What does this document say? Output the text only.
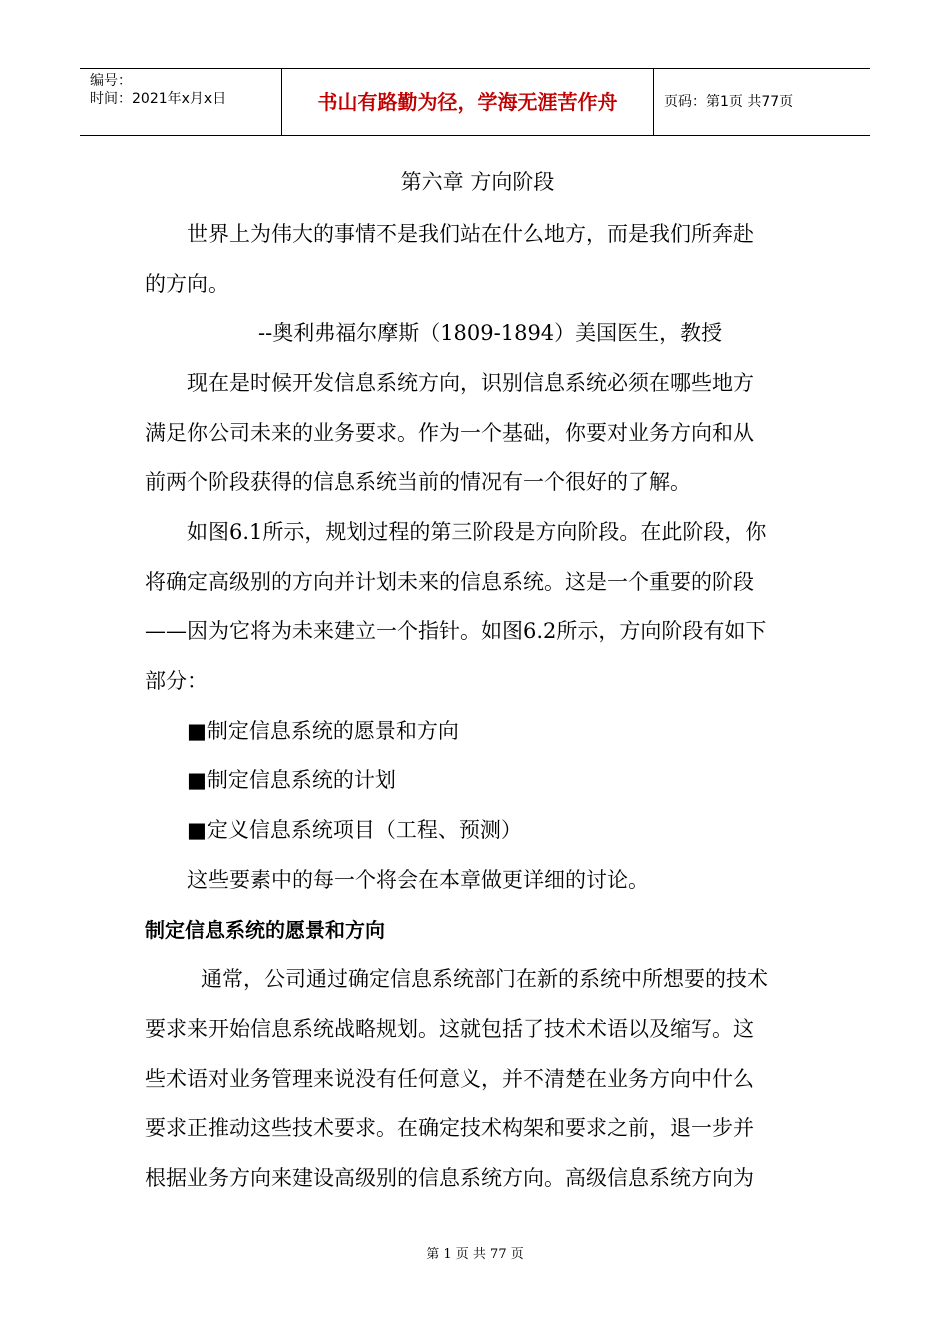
编号：
时间：2021年x月x日	书山有路勤为径，学海无涯苦作舟	页码：第1页 共77页
第六章 方向阶段
世界上为伟大的事情不是我们站在什么地方，而是我们所奔赴
的方向。
--奥利弗福尔摩斯（1809-1894）美国医生，教授
现在是时候开发信息系统方向，识别信息系统必须在哪些地方
满足你公司未来的业务要求。作为一个基础，你要对业务方向和从
前两个阶段获得的信息系统当前的情况有一个很好的了解。
如图6.1所示，规划过程的第三阶段是方向阶段。在此阶段，你
将确定高级别的方向并计划未来的信息系统。这是一个重要的阶段
——因为它将为未来建立一个指针。如图6.2所示，方向阶段有如下
部分：
■制定信息系统的愿景和方向
■制定信息系统的计划
■定义信息系统项目（工程、预测）
这些要素中的每一个将会在本章做更详细的讨论。
制定信息系统的愿景和方向
通常，公司通过确定信息系统部门在新的系统中所想要的技术
要求来开始信息系统战略规划。这就包括了技术术语以及缩写。这
些术语对业务管理来说没有任何意义，并不清楚在业务方向中什么
要求正推动这些技术要求。在确定技术构架和要求之前，退一步并
根据业务方向来建设高级别的信息系统方向。高级信息系统方向为
第 1 页 共 77 页
